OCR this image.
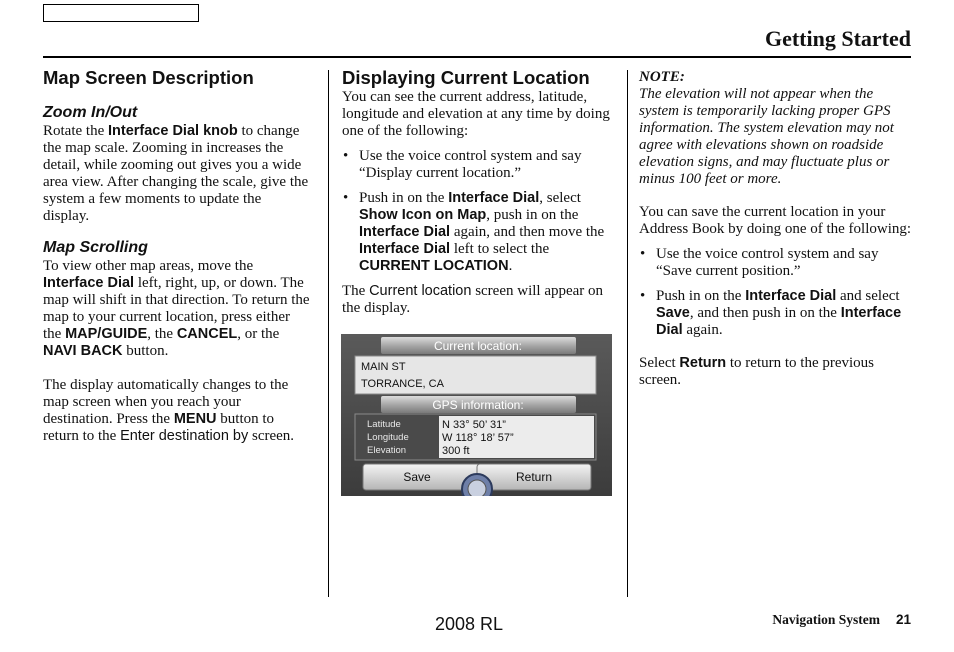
Getting Started
Map Screen Description
Zoom In/Out

Rotate the Interface Dial knob to change the map scale. Zooming in increases the detail, while zooming out gives you a wide area view. After changing the scale, give the system a few moments to update the display.

Map Scrolling

To view other map areas, move the Interface Dial left, right, up, or down. The map will shift in that direction. To return the map to your current location, press either the MAP/GUIDE, the CANCEL, or the NAVI BACK button.

The display automatically changes to the map screen when you reach your destination. Press the MENU button to return to the Enter destination by screen.

Displaying Current Location

You can see the current address, latitude, longitude and elevation at any time by doing one of the following:

• Use the voice control system and say “Display current location.”
• Push in on the Interface Dial, select Show Icon on Map, push in on the Interface Dial again, and then move the Interface Dial left to select the CURRENT LOCATION.

The Current location screen will appear on the display.

Current location:
MAIN ST
TORRANCE, CA
GPS information:
Latitude
Longitude
Elevation
N 33° 50’ 31”
W 118° 18’ 57”
300 ft
Save	Return

NOTE:

The elevation will not appear when the system is temporarily lacking proper GPS information. The system elevation may not agree with elevations shown on roadside elevation signs, and may fluctuate plus or minus 100 feet or more.

You can save the current location in your Address Book by doing one of the following:

• Use the voice control system and say “Save current position.”
• Push in on the Interface Dial and select Save, and then push in on the Interface Dial again.

Select Return to return to the previous screen.

2008 RL	Navigation System 21
